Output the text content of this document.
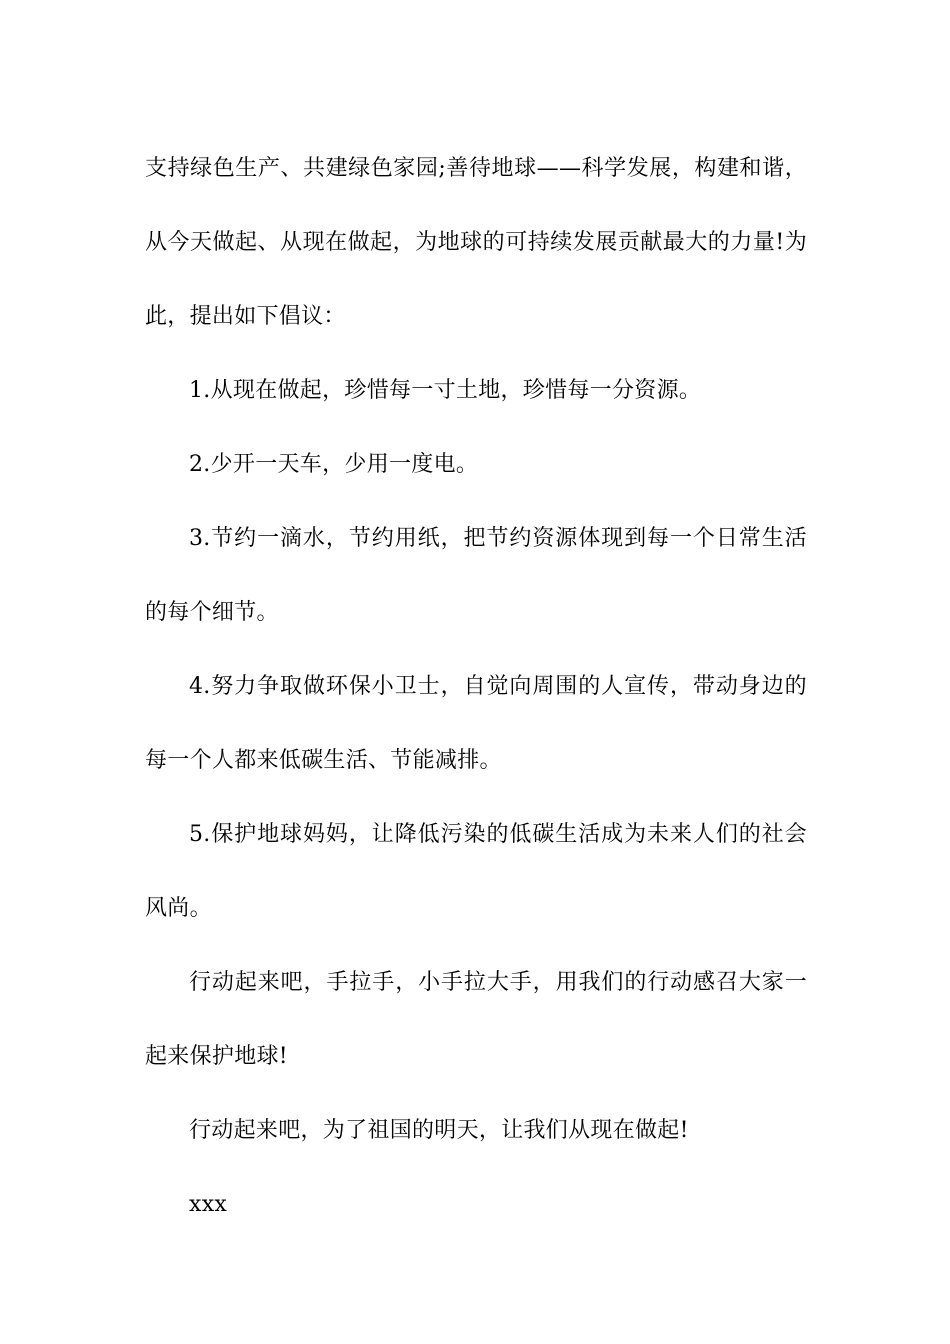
支持绿色生产、共建绿色家园;善待地球——科学发展，构建和谐，从今天做起、从现在做起，为地球的可持续发展贡献最大的力量!为此，提出如下倡议：

1.从现在做起，珍惜每一寸土地，珍惜每一分资源。

2.少开一天车，少用一度电。

3.节约一滴水，节约用纸，把节约资源体现到每一个日常生活的每个细节。

4.努力争取做环保小卫士，自觉向周围的人宣传，带动身边的每一个人都来低碳生活、节能减排。

5.保护地球妈妈，让降低污染的低碳生活成为未来人们的社会风尚。

行动起来吧，手拉手，小手拉大手，用我们的行动感召大家一起来保护地球!

行动起来吧，为了祖国的明天，让我们从现在做起!

xxx
